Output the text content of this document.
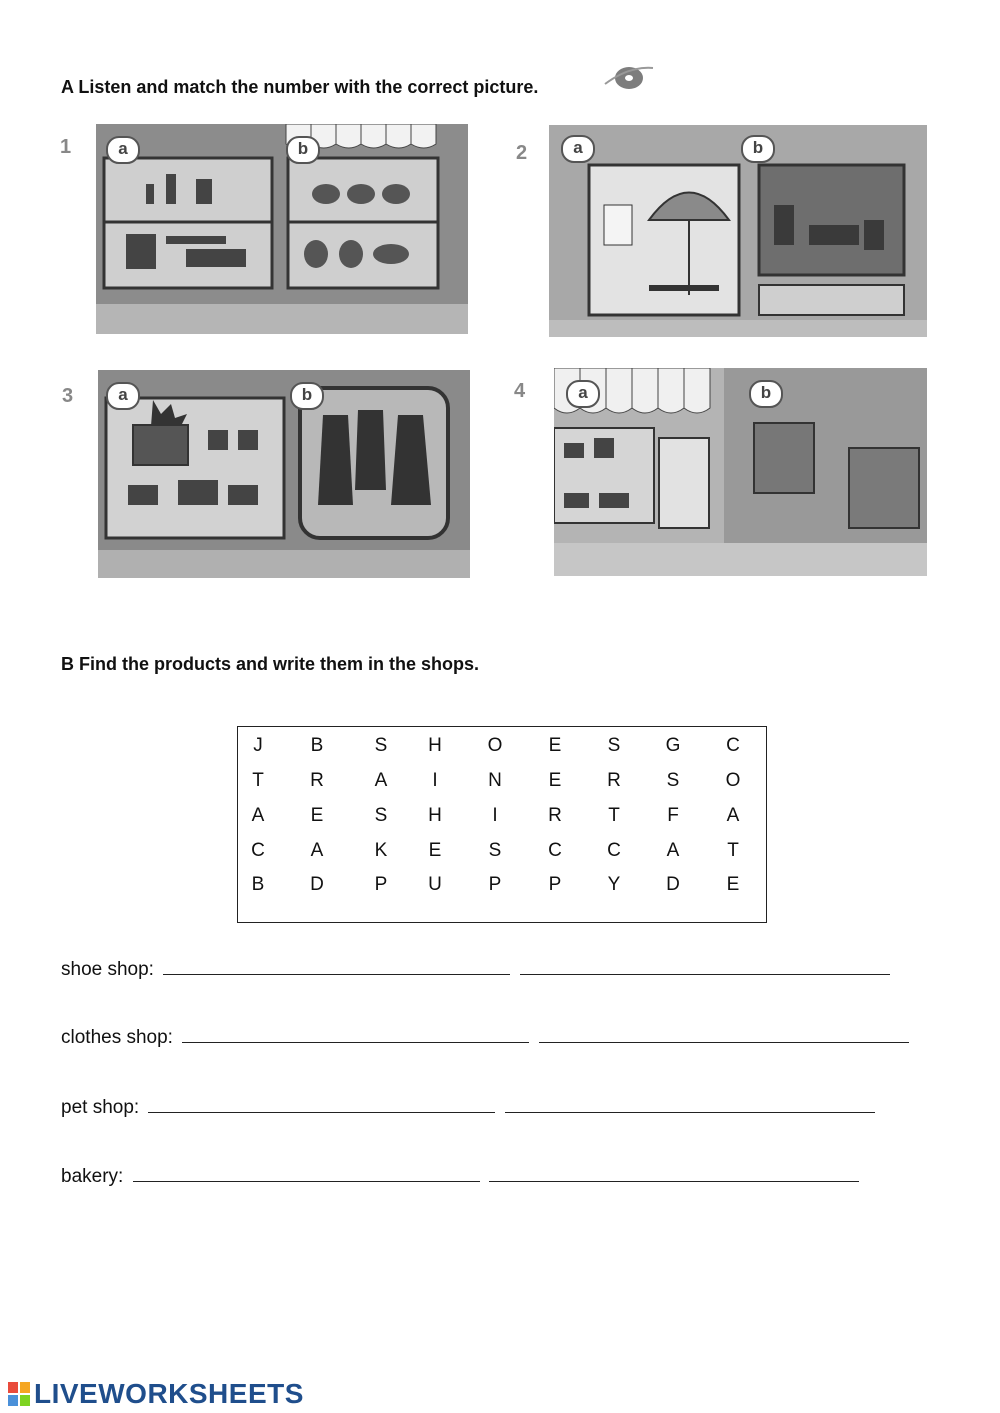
A Listen and match the number with the correct picture.
1	a	b	2	a	b
3	a	b	4	a	b
B Find the products and write them in the shops.
J	B	S H O E S G C
T	R	A	I	N E R S O
A E	S H	I	R	T	F	A
C A	K E S C C A	T
B D	P U P P Y D E
shoe shop:
clothes shop:
pet shop:
bakery:
LIVEWORKSHEETS
